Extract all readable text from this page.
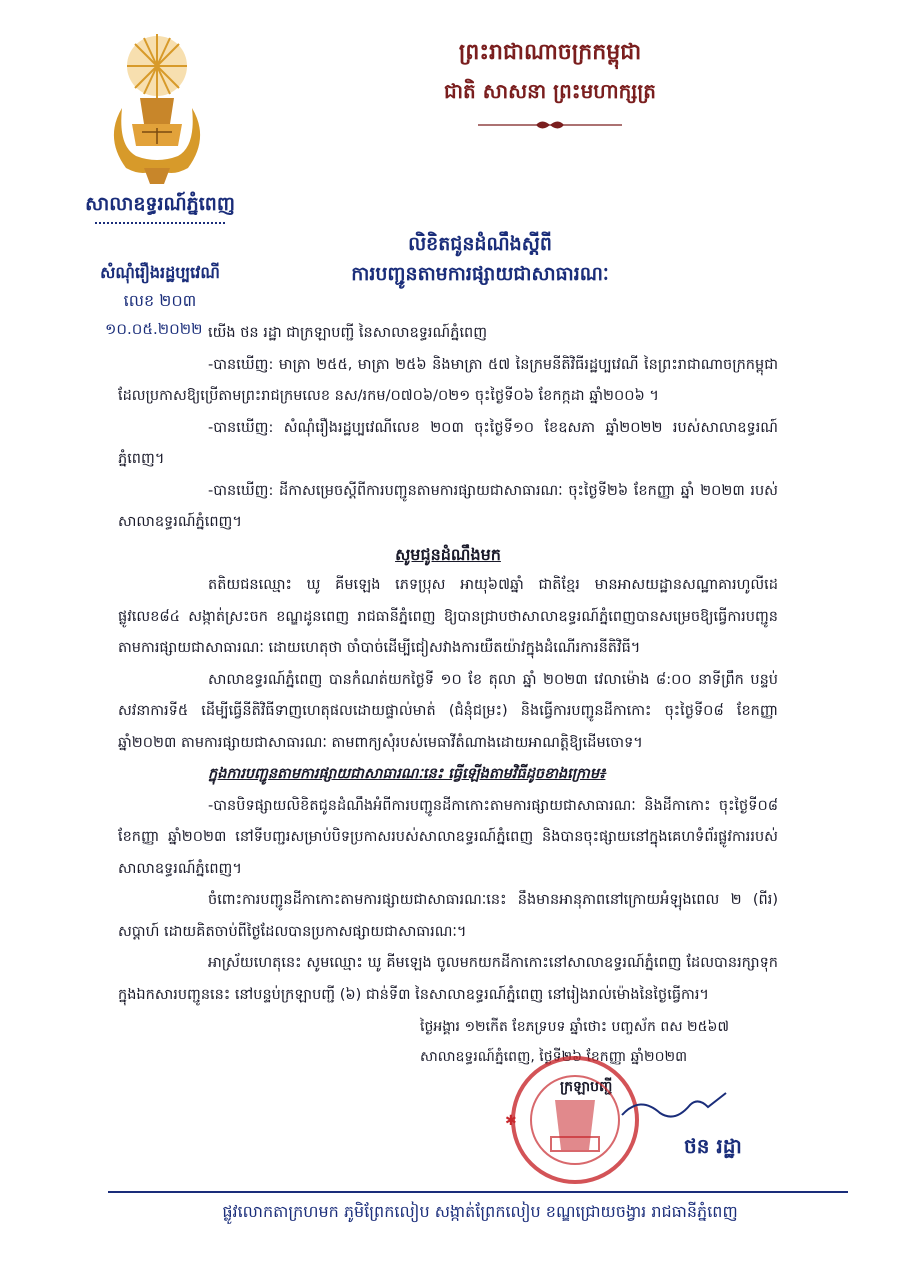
សាលាឧទ្ធរណ៍ភ្នំពេញ
ព្រះរាជាណាចក្រកម្ពុជា
ជាតិ សាសនា ព្រះមហាក្សត្រ
លិខិតជូនដំណឹងស្តីពី
ការបញ្ជូនតាមការផ្សាយជាសាធារណៈ
សំណុំរឿងរដ្ឋប្បវេណី
លេខ ២០៣

យើង ថន រដ្ឋា ជាក្រឡាបញ្ជី នៃសាលាឧទ្ធរណ៍ភ្នំពេញ

-បានឃើញ: មាត្រា ២៥៥, មាត្រា ២៥៦ និងមាត្រា ៥៧ នៃក្រមនីតិវិធីរដ្ឋប្បវេណី នៃព្រះរាជាណាចក្រកម្ពុជា ដែលប្រកាសឱ្យប្រើតាមព្រះរាជក្រមលេខ នស/រកម/០៧០៦/០២១ ចុះថ្ងៃទី០៦ ខែកក្កដា ឆ្នាំ២០០៦ ។

-បានឃើញ: សំណុំរឿងរដ្ឋប្បវេណីលេខ ២០៣ ចុះថ្ងៃទី១០ ខែឧសភា ឆ្នាំ២០២២ របស់សាលាឧទ្ធរណ៍ភ្នំពេញ។

-បានឃើញ: ដីកាសម្រេចស្តីពីការបញ្ជូនតាមការផ្សាយជាសាធារណៈ ចុះថ្ងៃទី២៦ ខែកញ្ញា ឆ្នាំ ២០២៣ របស់សាលាឧទ្ធរណ៍ភ្នំពេញ។

សូមជូនដំណឹងមក

តតិយជនឈ្មោះ ឃូ គីមឡេង ភេទប្រុស អាយុ៦៧ឆ្នាំ ជាតិខ្មែរ មានអាសយដ្ឋានសណ្ឋាគារហូលីដេ ផ្លូវលេខ៨៤ សង្កាត់ស្រះចក ខណ្ឌដូនពេញ រាជធានីភ្នំពេញ ឱ្យបានជ្រាបថាសាលាឧទ្ធរណ៍ភ្នំពេញបានសម្រេចឱ្យធ្វើការបញ្ជូនតាមការផ្សាយជាសាធារណៈ ដោយហេតុថា ចាំបាច់ដើម្បីជៀសវាងការយឺតយ៉ាវក្នុងដំណើរការនីតិវិធី។

សាលាឧទ្ធរណ៍ភ្នំពេញ បានកំណត់យកថ្ងៃទី ១០ ខែ តុលា ឆ្នាំ ២០២៣ វេលាម៉ោង ៨:០០ នាទីព្រឹក បន្ទប់សវនាការទី៥ ដើម្បីធ្វើនីតិវិធីទាញហេតុផលដោយផ្ទាល់មាត់ (ជំនុំជម្រះ) និងធ្វើការបញ្ជូនដីកាកោះ ចុះថ្ងៃទី០៨ ខែកញ្ញា ឆ្នាំ២០២៣ តាមការផ្សាយជាសាធារណៈ តាមពាក្យសុំរបស់មេធាវីតំណាងដោយអាណត្តិឱ្យដើមចោទ។

ក្នុងការបញ្ជូនតាមការផ្សាយជាសាធារណៈនេះ ធ្វើឡើងតាមវិធីដូចខាងក្រោម៖

-បានបិទផ្សាយលិខិតជូនដំណឹងអំពីការបញ្ជូនដីកាកោះតាមការផ្សាយជាសាធារណៈ និងដីកាកោះ ចុះថ្ងៃទី០៨ ខែកញ្ញា ឆ្នាំ២០២៣ នៅទីបញ្ជរសម្រាប់បិទប្រកាសរបស់សាលាឧទ្ធរណ៍ភ្នំពេញ និងបានចុះផ្សាយនៅក្នុងគេហទំព័រផ្លូវការរបស់សាលាឧទ្ធរណ៍ភ្នំពេញ។

ចំពោះការបញ្ជូនដីកាកោះតាមការផ្សាយជាសាធារណៈនេះ នឹងមានអានុភាពនៅក្រោយអំឡុងពេល ២ (ពីរ) សប្តាហ៍ ដោយគិតចាប់ពីថ្ងៃដែលបានប្រកាសផ្សាយជាសាធារណៈ។

អាស្រ័យហេតុនេះ សូមឈ្មោះ ឃូ គីមឡេង ចូលមកយកដីកាកោះនៅសាលាឧទ្ធរណ៍ភ្នំពេញ ដែលបានរក្សាទុកក្នុងឯកសារបញ្ជូននេះ នៅបន្ទប់ក្រឡាបញ្ជី (៦) ជាន់ទី៣ នៃសាលាឧទ្ធរណ៍ភ្នំពេញ នៅរៀងរាល់ម៉ោងនៃថ្ងៃធ្វើការ។

ថ្ងៃអង្គារ ១២កើត ខែភទ្របទ ឆ្នាំថោះ បញ្ចស័ក ពស ២៥៦៧
សាលាឧទ្ធរណ៍ភ្នំពេញ, ថ្ងៃទី២៦ ខែកញ្ញា ឆ្នាំ២០២៣
ក្រឡាបញ្ជី
✱
ថន រដ្ឋា
ផ្លូវលោកតាក្រហមក ភូមិព្រែកលៀប សង្កាត់ព្រែកលៀប ខណ្ឌជ្រោយចង្វារ រាជធានីភ្នំពេញ
១០.០៥.២០២២
